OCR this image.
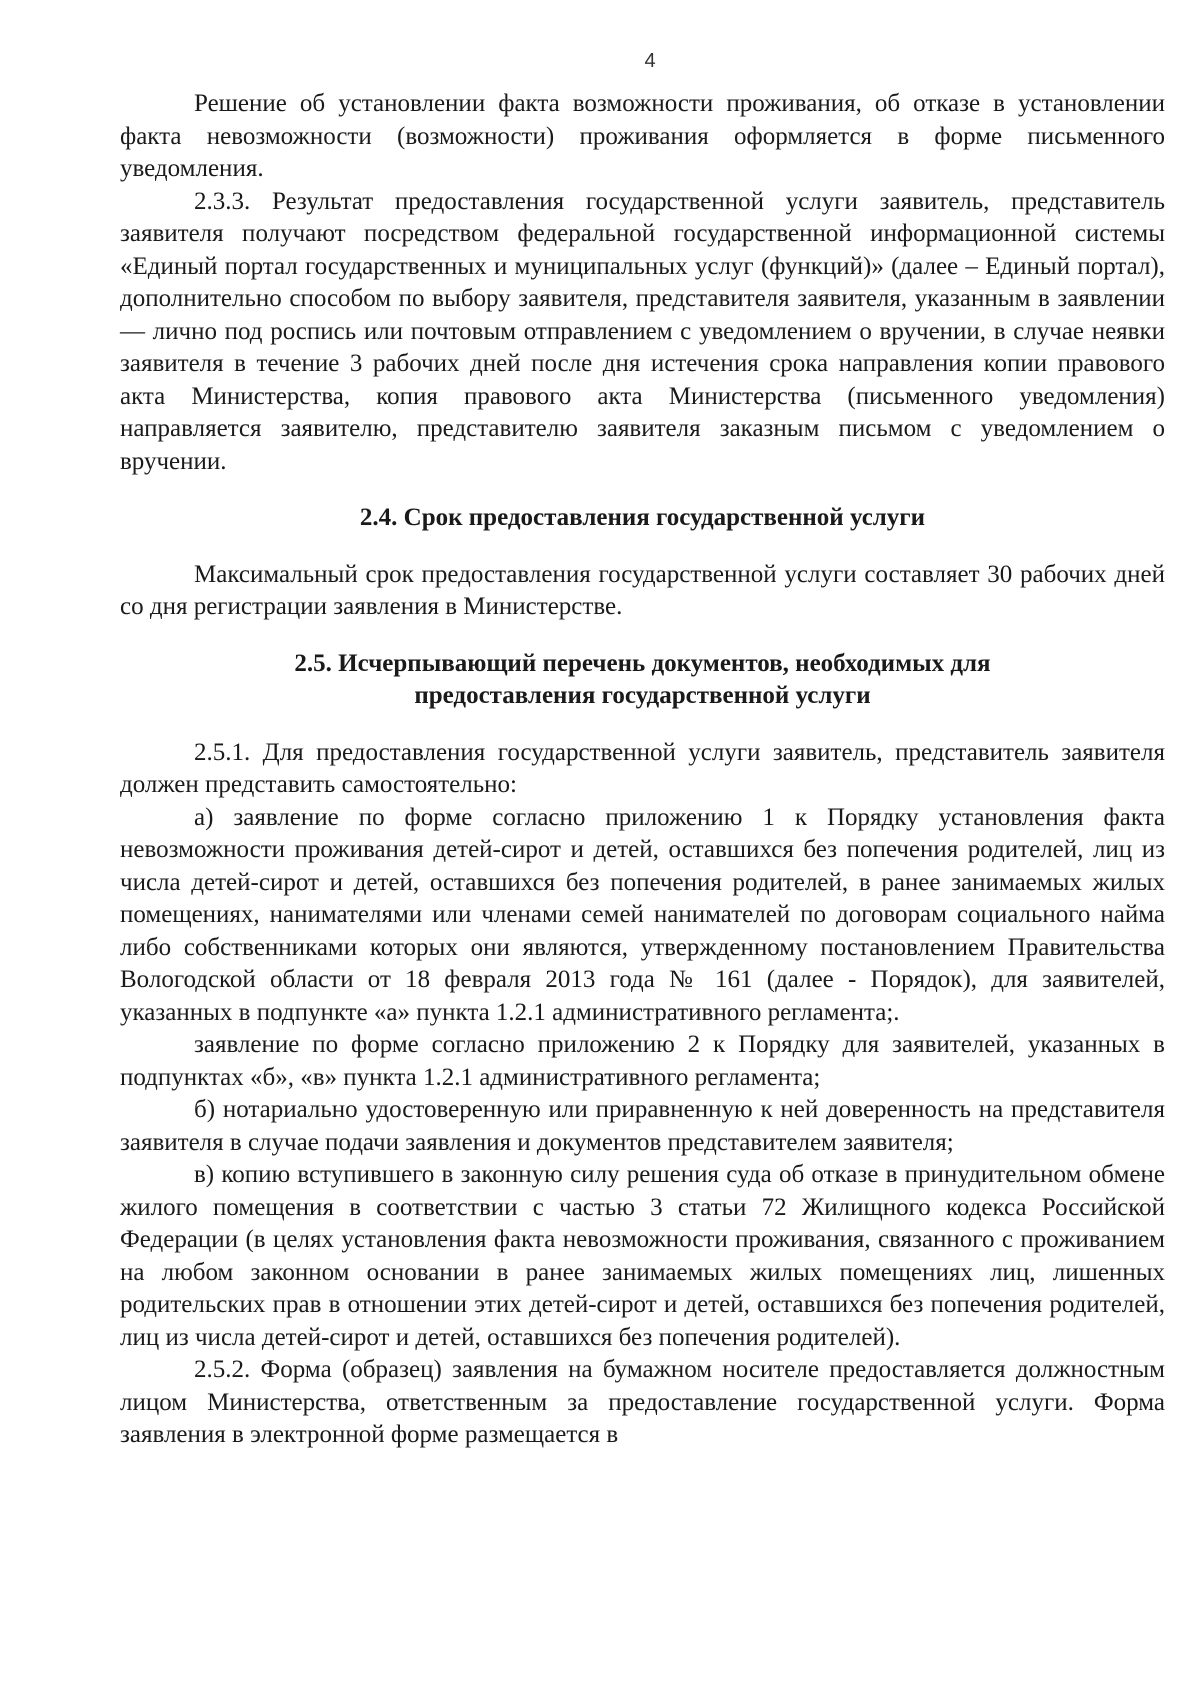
4

Решение об установлении факта возможности проживания, об отказе в установлении факта невозможности (возможности) проживания оформляется в форме письменного уведомления.

2.3.3. Результат предоставления государственной услуги заявитель, представитель заявителя получают посредством федеральной государственной информационной системы «Единый портал государственных и муниципальных услуг (функций)» (далее – Единый портал), дополнительно способом по выбору заявителя, представителя заявителя, указанным в заявлении — лично под роспись или почтовым отправлением с уведомлением о вручении, в случае неявки заявителя в течение 3 рабочих дней после дня истечения срока направления копии правового акта Министерства, копия правового акта Министерства (письменного уведомления) направляется заявителю, представителю заявителя заказным письмом с уведомлением о вручении.

2.4. Срок предоставления государственной услуги

Максимальный срок предоставления государственной услуги составляет 30 рабочих дней со дня регистрации заявления в Министерстве.

2.5. Исчерпывающий перечень документов, необходимых для предоставления государственной услуги

2.5.1. Для предоставления государственной услуги заявитель, представитель заявителя должен представить самостоятельно:

а) заявление по форме согласно приложению 1 к Порядку установления факта невозможности проживания детей-сирот и детей, оставшихся без попечения родителей, лиц из числа детей-сирот и детей, оставшихся без попечения родителей, в ранее занимаемых жилых помещениях, нанимателями или членами семей нанимателей по договорам социального найма либо собственниками которых они являются, утвержденному постановлением Правительства Вологодской области от 18 февраля 2013 года № 161 (далее - Порядок), для заявителей, указанных в подпункте «а» пункта 1.2.1 административного регламента;.

заявление по форме согласно приложению 2 к Порядку для заявителей, указанных в подпунктах «б», «в» пункта 1.2.1 административного регламента;

б) нотариально удостоверенную или приравненную к ней доверенность на представителя заявителя в случае подачи заявления и документов представителем заявителя;

в) копию вступившего в законную силу решения суда об отказе в принудительном обмене жилого помещения в соответствии с частью 3 статьи 72 Жилищного кодекса Российской Федерации (в целях установления факта невозможности проживания, связанного с проживанием на любом законном основании в ранее занимаемых жилых помещениях лиц, лишенных родительских прав в отношении этих детей-сирот и детей, оставшихся без попечения родителей, лиц из числа детей-сирот и детей, оставшихся без попечения родителей).

2.5.2. Форма (образец) заявления на бумажном носителе предоставляется должностным лицом Министерства, ответственным за предоставление государственной услуги. Форма заявления в электронной форме размещается в
